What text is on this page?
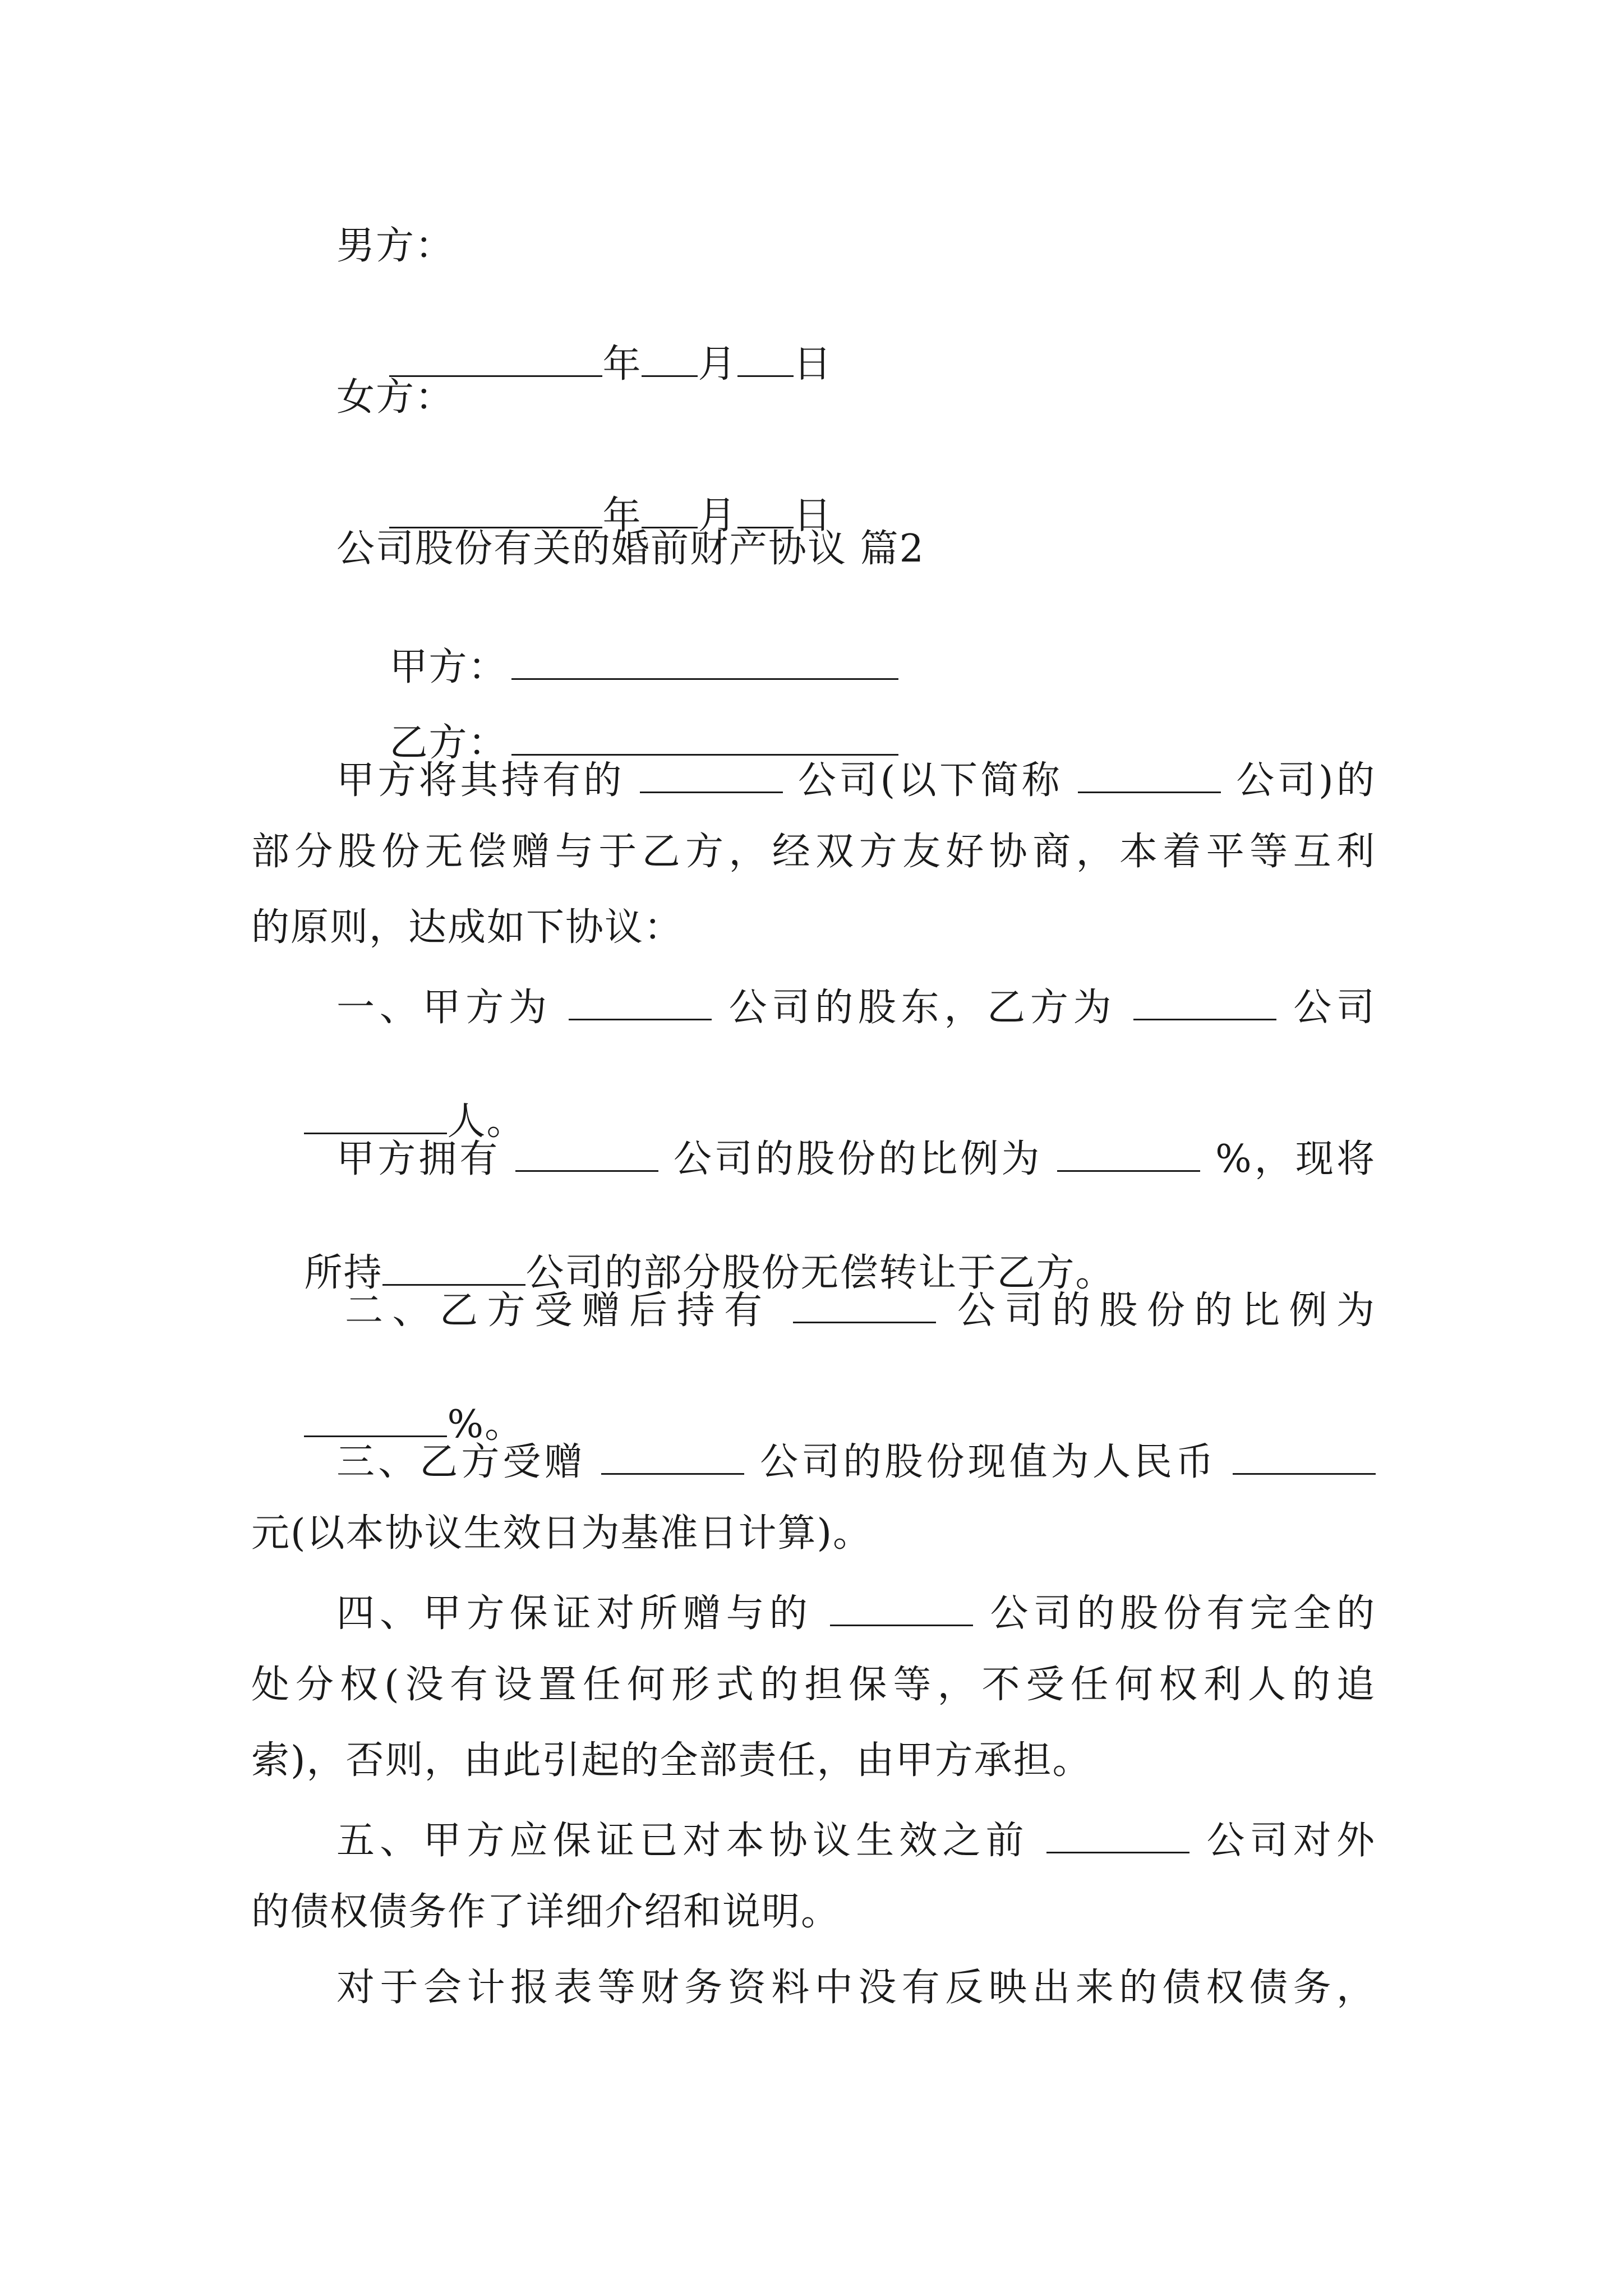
男方：

年 月 日

女方：

年 月 日

公司股份有关的婚前财产协议 篇2

甲方：

乙方：

甲方将其持有的	公司(以下简称	公司)的
部分股份无偿赠与于乙方，经双方友好协商，本着平等互利
的原则，达成如下协议：
一、甲方为	公司的股东，乙方为	公司

人。

甲方拥有	公司的股份的比例为	%，现将

所持	公司的部分股份无偿转让于乙方。

二、乙方受赠后持有	公司的股份的比例为

%。

三、乙方受赠	公司的股份现值为人民币
元(以本协议生效日为基准日计算)。
四、甲方保证对所赠与的	公司的股份有完全的
处分权(没有设置任何形式的担保等，不受任何权利人的追
索)，否则，由此引起的全部责任，由甲方承担。
五、甲方应保证已对本协议生效之前	公司对外
的债权债务作了详细介绍和说明。
对于会计报表等财务资料中没有反映出来的债权债务，
